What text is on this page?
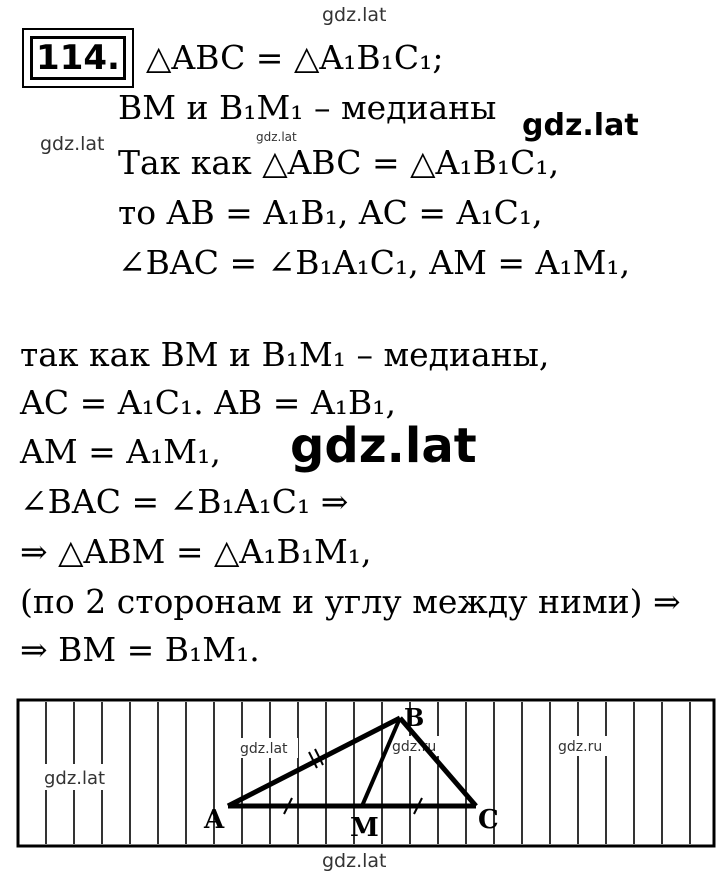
gdz.lat
gdz.lat	gdz.lat	gdz.lat
gdz.lat
gdz.lat
114. △ABC = △A₁B₁C₁;
BM и B₁M₁ – медианы
Так как △ABC = △A₁B₁C₁,
то AB = A₁B₁, AC = A₁C₁,
∠BAC = ∠B₁A₁C₁, AM = A₁M₁,
так как BM и B₁M₁ – медианы,
AC = A₁C₁. AB = A₁B₁,
AM = A₁M₁,
∠BAC = ∠B₁A₁C₁ ⇒
⇒ △ABM = △A₁B₁M₁,
(по 2 сторонам и углу между ними) ⇒
⇒ BM = B₁M₁.
gdz.lat
gdz.lat	gdz.ru	gdz.ru
A
B
M	C
